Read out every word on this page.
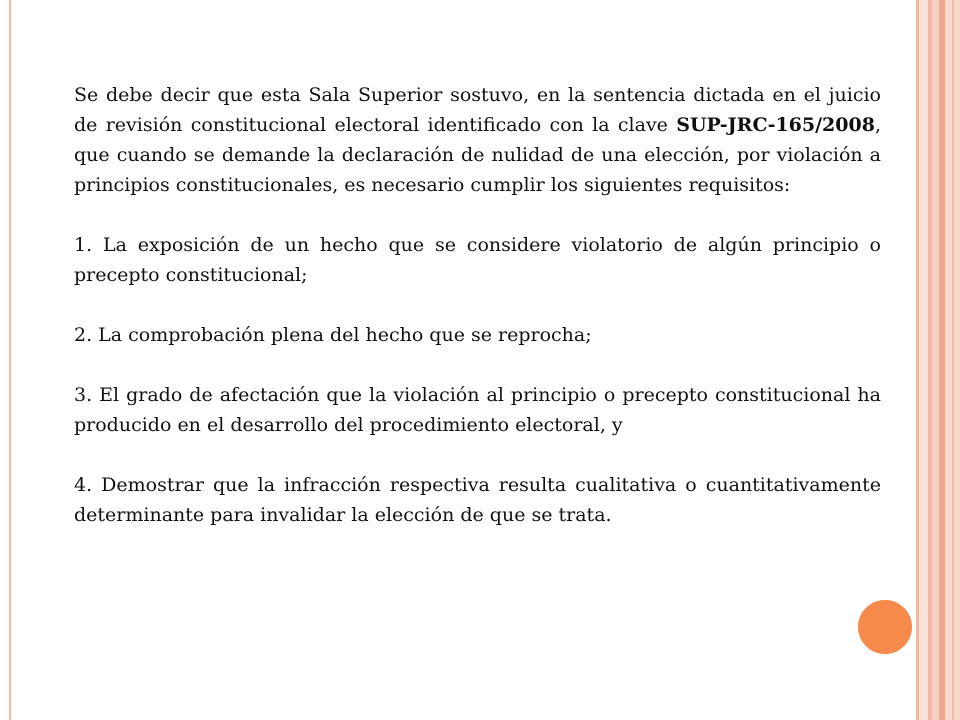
Se debe decir que esta Sala Superior sostuvo, en la sentencia dictada en el juicio de revisión constitucional electoral identificado con la clave SUP-JRC-165/2008, que cuando se demande la declaración de nulidad de una elección, por violación a principios constitucionales, es necesario cumplir los siguientes requisitos:

1. La exposición de un hecho que se considere violatorio de algún principio o precepto constitucional;

2. La comprobación plena del hecho que se reprocha;

3. El grado de afectación que la violación al principio o precepto constitucional ha producido en el desarrollo del procedimiento electoral, y

4. Demostrar que la infracción respectiva resulta cualitativa o cuantitativamente determinante para invalidar la elección de que se trata.
